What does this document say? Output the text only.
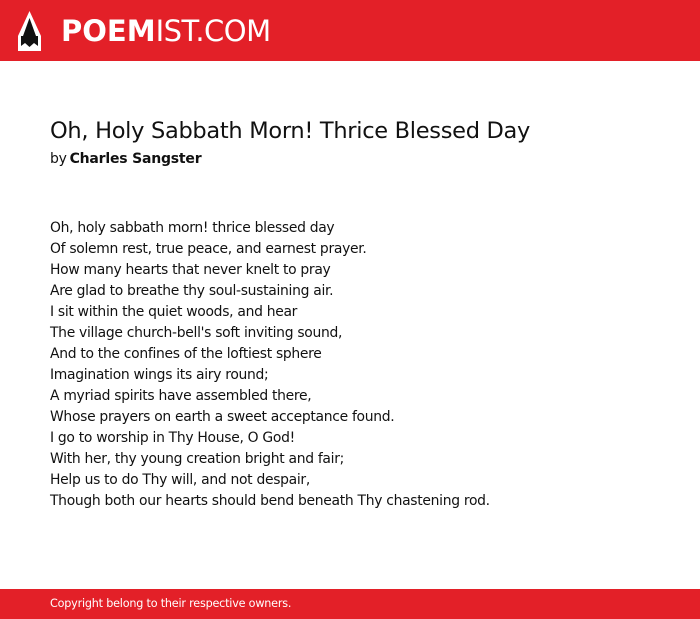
POEMIST.COM
Oh, Holy Sabbath Morn! Thrice Blessed Day
by Charles Sangster
Oh, holy sabbath morn! thrice blessed day
Of solemn rest, true peace, and earnest prayer.
How many hearts that never knelt to pray
Are glad to breathe thy soul-sustaining air.
I sit within the quiet woods, and hear
The village church-bell's soft inviting sound,
And to the confines of the loftiest sphere
Imagination wings its airy round;
A myriad spirits have assembled there,
Whose prayers on earth a sweet acceptance found.
I go to worship in Thy House, O God!
With her, thy young creation bright and fair;
Help us to do Thy will, and not despair,
Though both our hearts should bend beneath Thy chastening rod.
Copyright belong to their respective owners.
